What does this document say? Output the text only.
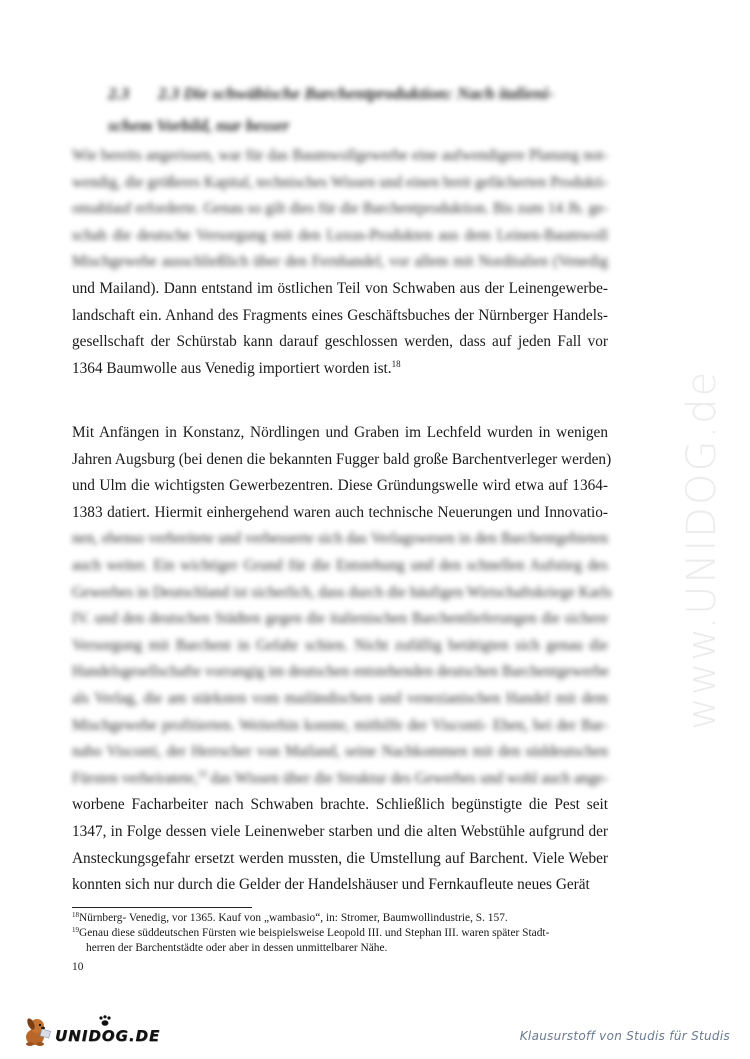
www.UNIDOG.de
2.3 2.3 Die schwäbische Barchentproduktion: Nach italieni-
schem Vorbild, nur besser
Wie bereits angerissen, war für das Baumwollgewerbe eine aufwendigere Planung not-
wendig, die größeres Kapital, technisches Wissen und einen breit gefächerten Produkti-
onsablauf erforderte. Genau so gilt dies für die Barchentproduktion. Bis zum 14 Jh. ge-
schah die deutsche Versorgung mit den Luxus-Produkten aus dem Leinen-Baumwoll
Mischgewebe ausschließlich über den Fernhandel, vor allem mit Norditalien (Venedig
und Mailand). Dann entstand im östlichen Teil von Schwaben aus der Leinengewerbe-
landschaft ein. Anhand des Fragments eines Geschäftsbuches der Nürnberger Handels-
gesellschaft der Schürstab kann darauf geschlossen werden, dass auf jeden Fall vor
1364 Baumwolle aus Venedig importiert worden ist.$^{18}$
Mit Anfängen in Konstanz, Nördlingen und Graben im Lechfeld wurden in wenigen
Jahren Augsburg (bei denen die bekannten Fugger bald große Barchentverleger werden)
und Ulm die wichtigsten Gewerbezentren. Diese Gründungswelle wird etwa auf 1364-
1383 datiert. Hiermit einhergehend waren auch technische Neuerungen und Innovatio-
nen, ebenso verbreitete und verbesserte sich das Verlagswesen in den Barchentgebieten
auch weiter. Ein wichtiger Grund für die Entstehung und den schnellen Aufstieg des
Gewerbes in Deutschland ist sicherlich, dass durch die häufigen Wirtschaftskriege Karls
IV. und den deutschen Städten gegen die italienischen Barchentlieferungen die sichere
Versorgung mit Barchent in Gefahr schien. Nicht zufällig betätigten sich genau die
Handelsgesellschafte vorrangig im deutschen entstehenden deutschen Barchentgewerbe
als Verlag, die am stärksten vom mailändischen und venezianischen Handel mit dem
Mischgewebe profitierten. Weiterhin konnte, mithilfe der Visconti- Ehen, bei der Bar-
nabo Visconti, der Herrscher von Mailand, seine Nachkommen mit den süddeutschen
Fürsten verheiratete,$^{19}$ das Wissen über die Struktur des Gewerbes und wohl auch ange-
worbene Facharbeiter nach Schwaben brachte. Schließlich begünstigte die Pest seit
1347, in Folge dessen viele Leinenweber starben und die alten Webstühle aufgrund der
Ansteckungsgefahr ersetzt werden mussten, die Umstellung auf Barchent. Viele Weber
konnten sich nur durch die Gelder der Handelshäuser und Fernkaufleute neues Gerät
$^{18}$Nürnberg- Venedig, vor 1365. Kauf von „wambasio“, in: Stromer, Baumwollindustrie, S. 157.
$^{19}$Genau diese süddeutschen Fürsten wie beispielsweise Leopold III. und Stephan III. waren später Stadt-
herren der Barchentstädte oder aber in dessen unmittelbarer Nähe.
10
UNIDOG.DE	Klausurstoff von Studis für Studis
